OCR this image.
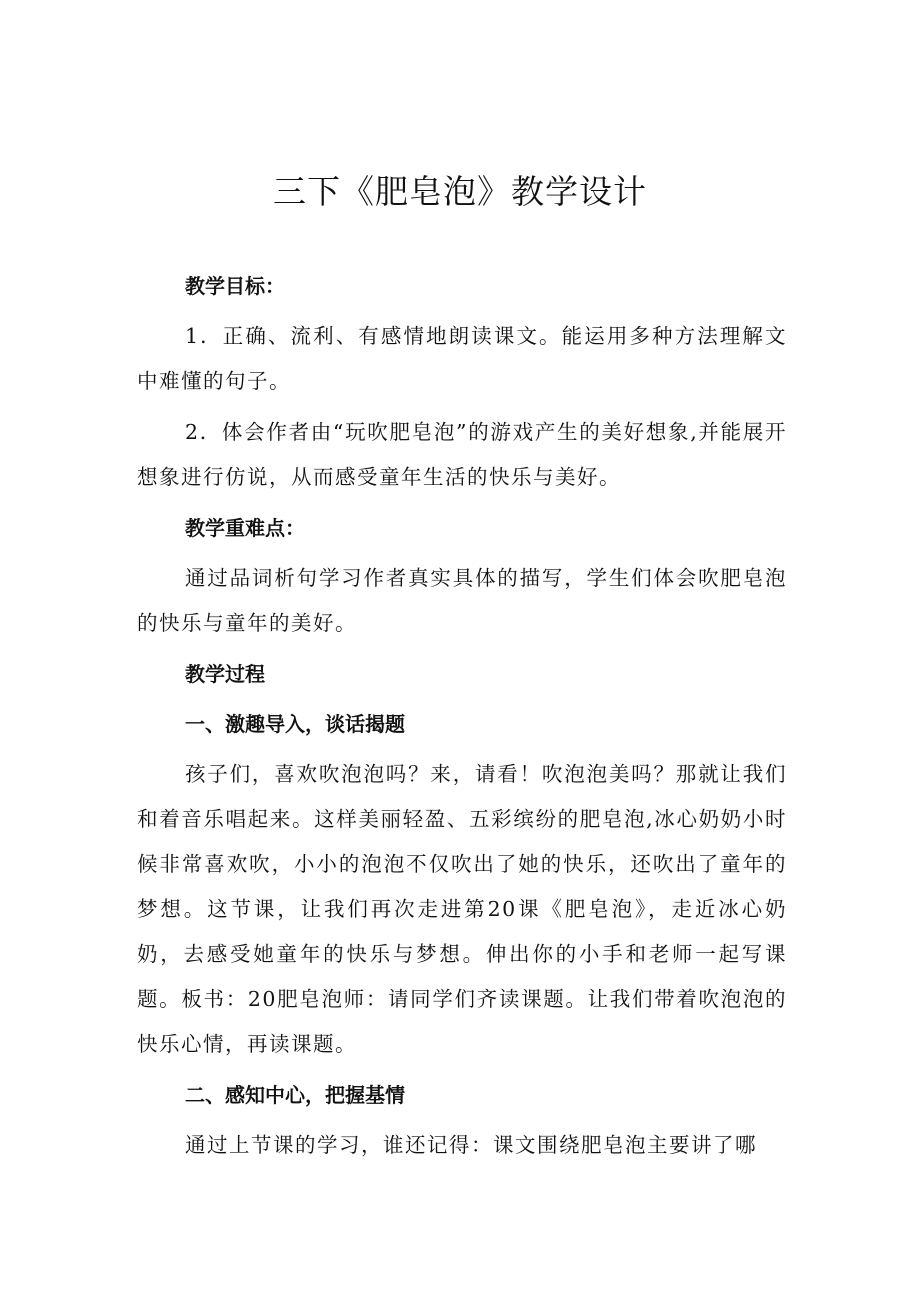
三下《肥皂泡》教学设计

教学目标：

1．正确、流利、有感情地朗读课文。能运用多种方法理解文中难懂的句子。

2．体会作者由“玩吹肥皂泡”的游戏产生的美好想象,并能展开想象进行仿说，从而感受童年生活的快乐与美好。

教学重难点：

通过品词析句学习作者真实具体的描写，学生们体会吹肥皂泡的快乐与童年的美好。

教学过程

一、激趣导入，谈话揭题

孩子们，喜欢吹泡泡吗？来，请看！吹泡泡美吗？那就让我们和着音乐唱起来。这样美丽轻盈、五彩缤纷的肥皂泡,冰心奶奶小时候非常喜欢吹，小小的泡泡不仅吹出了她的快乐，还吹出了童年的梦想。这节课，让我们再次走进第20课《肥皂泡》，走近冰心奶奶，去感受她童年的快乐与梦想。伸出你的小手和老师一起写课题。板书：20肥皂泡师：请同学们齐读课题。让我们带着吹泡泡的快乐心情，再读课题。

二、感知中心，把握基情

通过上节课的学习，谁还记得：课文围绕肥皂泡主要讲了哪
